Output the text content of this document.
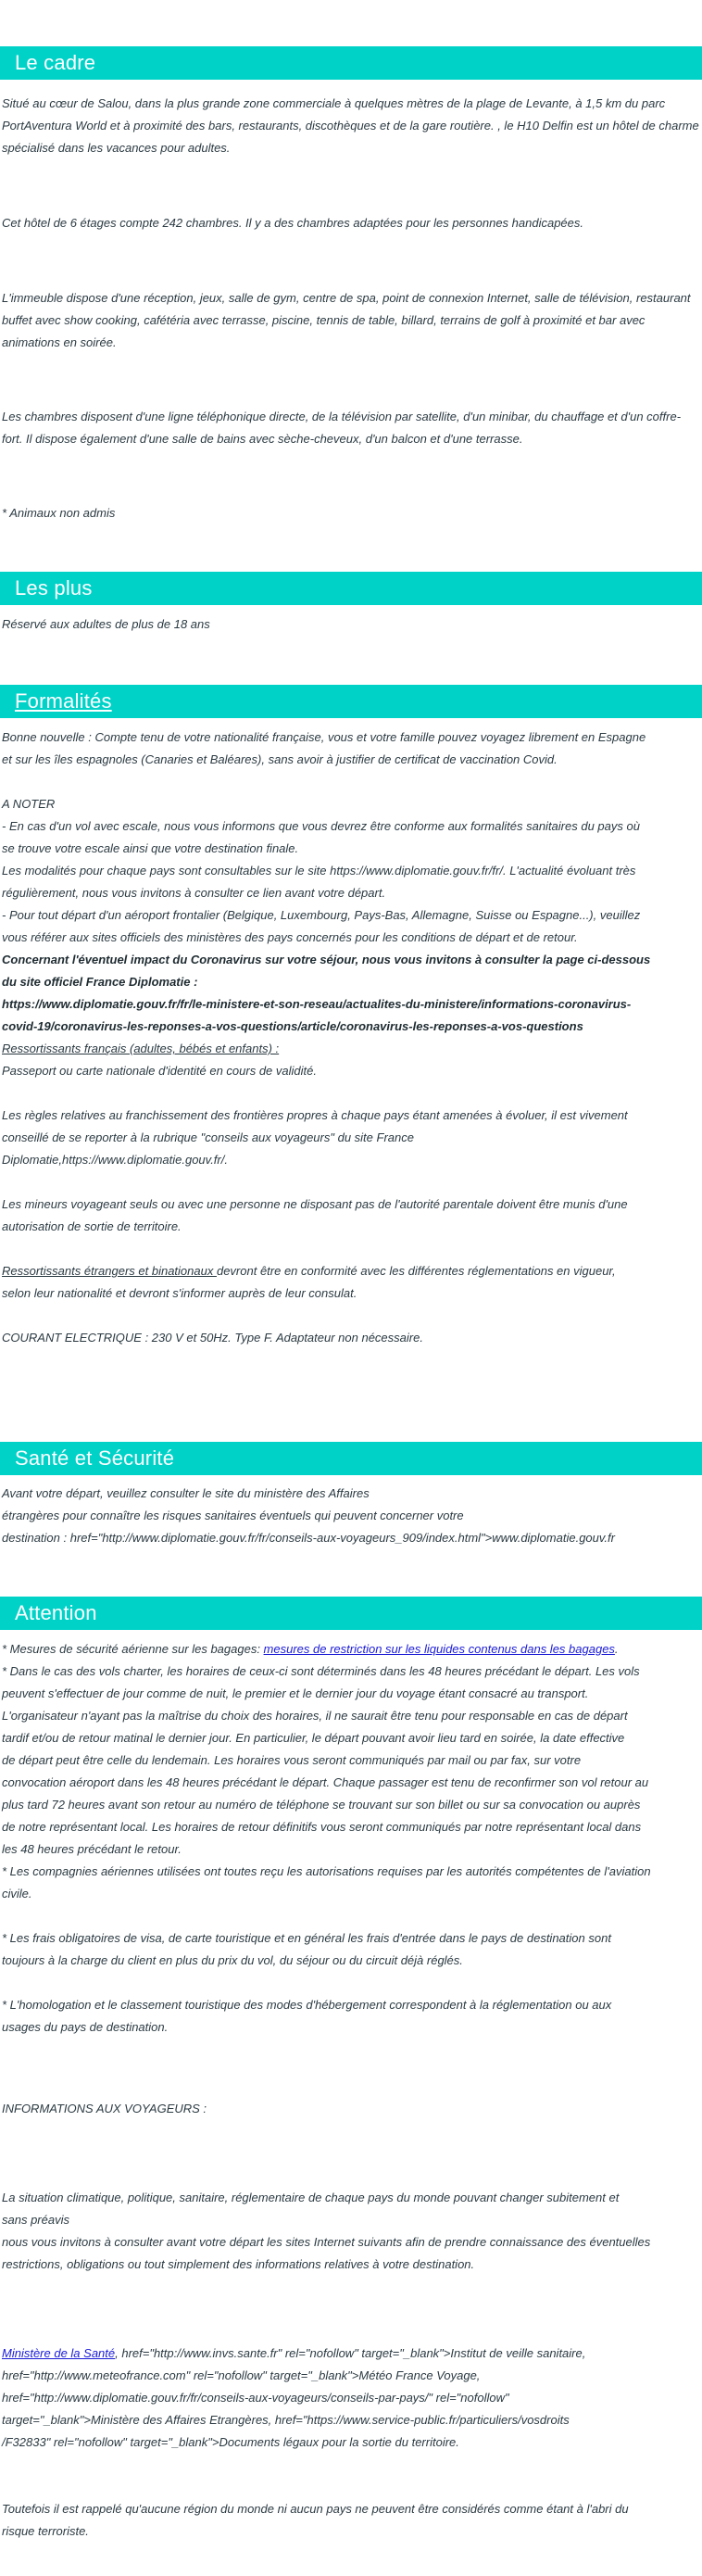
Le cadre

Situé au cœur de Salou, dans la plus grande zone commerciale à quelques mètres de la plage de Levante, à 1,5 km du parc PortAventura World et à proximité des bars, restaurants, discothèques et de la gare routière. , le H10 Delfin est un hôtel de charme spécialisé dans les vacances pour adultes.

Cet hôtel de 6 étages compte 242 chambres. Il y a des chambres adaptées pour les personnes handicapées.

L'immeuble dispose d'une réception, jeux, salle de gym, centre de spa, point de connexion Internet, salle de télévision, restaurant buffet avec show cooking, cafétéria avec terrasse, piscine, tennis de table, billard, terrains de golf à proximité et bar avec animations en soirée.

Les chambres disposent d'une ligne téléphonique directe, de la télévision par satellite, d'un minibar, du chauffage et d'un coffre-fort. Il dispose également d'une salle de bains avec sèche-cheveux, d'un balcon et d'une terrasse.

* Animaux non admis

Les plus

Réservé aux adultes de plus de 18 ans

Formalités

Bonne nouvelle : Compte tenu de votre nationalité française, vous et votre famille pouvez voyagez librement en Espagne

et sur les îles espagnoles (Canaries et Baléares), sans avoir à justifier de certificat de vaccination Covid.

A NOTER

- En cas d'un vol avec escale, nous vous informons que vous devrez être conforme aux formalités sanitaires du pays où

se trouve votre escale ainsi que votre destination finale.

Les modalités pour chaque pays sont consultables sur le site https://www.diplomatie.gouv.fr/fr/. L'actualité évoluant très

régulièrement, nous vous invitons à consulter ce lien avant votre départ.

- Pour tout départ d'un aéroport frontalier (Belgique, Luxembourg, Pays-Bas, Allemagne, Suisse ou Espagne...), veuillez

vous référer aux sites officiels des ministères des pays concernés pour les conditions de départ et de retour.

Concernant l'éventuel impact du Coronavirus sur votre séjour, nous vous invitons à consulter la page ci-dessous

du site officiel France Diplomatie :

https://www.diplomatie.gouv.fr/fr/le-ministere-et-son-reseau/actualites-du-ministere/informations-coronavirus-

covid-19/coronavirus-les-reponses-a-vos-questions/article/coronavirus-les-reponses-a-vos-questions

Ressortissants français (adultes, bébés et enfants) :

Passeport ou carte nationale d'identité en cours de validité.

Les règles relatives au franchissement des frontières propres à chaque pays étant amenées à évoluer, il est vivement

conseillé de se reporter à la rubrique "conseils aux voyageurs" du site France

Diplomatie,https://www.diplomatie.gouv.fr/.

Les mineurs voyageant seuls ou avec une personne ne disposant pas de l'autorité parentale doivent être munis d'une

autorisation de sortie de territoire.

Ressortissants étrangers et binationaux devront être en conformité avec les différentes réglementations en vigueur,

selon leur nationalité et devront s'informer auprès de leur consulat.

COURANT ELECTRIQUE : 230 V et 50Hz. Type F. Adaptateur non nécessaire.

Santé et Sécurité

Avant votre départ, veuillez consulter le site du ministère des Affaires

étrangères pour connaître les risques sanitaires éventuels qui peuvent concerner votre

destination : href="http://www.diplomatie.gouv.fr/fr/conseils-aux-voyageurs_909/index.html">www.diplomatie.gouv.fr

Attention

* Mesures de sécurité aérienne sur les bagages: mesures de restriction sur les liquides contenus dans les bagages.

* Dans le cas des vols charter, les horaires de ceux-ci sont déterminés dans les 48 heures précédant le départ. Les vols

peuvent s'effectuer de jour comme de nuit, le premier et le dernier jour du voyage étant consacré au transport.

L'organisateur n'ayant pas la maîtrise du choix des horaires, il ne saurait être tenu pour responsable en cas de départ

tardif et/ou de retour matinal le dernier jour. En particulier, le départ pouvant avoir lieu tard en soirée, la date effective

de départ peut être celle du lendemain. Les horaires vous seront communiqués par mail ou par fax, sur votre

convocation aéroport dans les 48 heures précédant le départ. Chaque passager est tenu de reconfirmer son vol retour au

plus tard 72 heures avant son retour au numéro de téléphone se trouvant sur son billet ou sur sa convocation ou auprès

de notre représentant local. Les horaires de retour définitifs vous seront communiqués par notre représentant local dans

les 48 heures précédant le retour.

* Les compagnies aériennes utilisées ont toutes reçu les autorisations requises par les autorités compétentes de l'aviation

civile.

* Les frais obligatoires de visa, de carte touristique et en général les frais d'entrée dans le pays de destination sont

toujours à la charge du client en plus du prix du vol, du séjour ou du circuit déjà réglés.

* L'homologation et le classement touristique des modes d'hébergement correspondent à la réglementation ou aux

usages du pays de destination.

INFORMATIONS AUX VOYAGEURS :

La situation climatique, politique, sanitaire, réglementaire de chaque pays du monde pouvant changer subitement et

sans préavis

nous vous invitons à consulter avant votre départ les sites Internet suivants afin de prendre connaissance des éventuelles

restrictions, obligations ou tout simplement des informations relatives à votre destination.

Ministère de la Santé, href="http://www.invs.sante.fr" rel="nofollow" target="_blank">Institut de veille sanitaire,

href="http://www.meteofrance.com" rel="nofollow" target="_blank">Météo France Voyage,

href="http://www.diplomatie.gouv.fr/fr/conseils-aux-voyageurs/conseils-par-pays/" rel="nofollow"

target="_blank">Ministère des Affaires Etrangères, href="https://www.service-public.fr/particuliers/vosdroits

/F32833" rel="nofollow" target="_blank">Documents légaux pour la sortie du territoire.

Toutefois il est rappelé qu'aucune région du monde ni aucun pays ne peuvent être considérés comme étant à l'abri du

risque terroriste.
